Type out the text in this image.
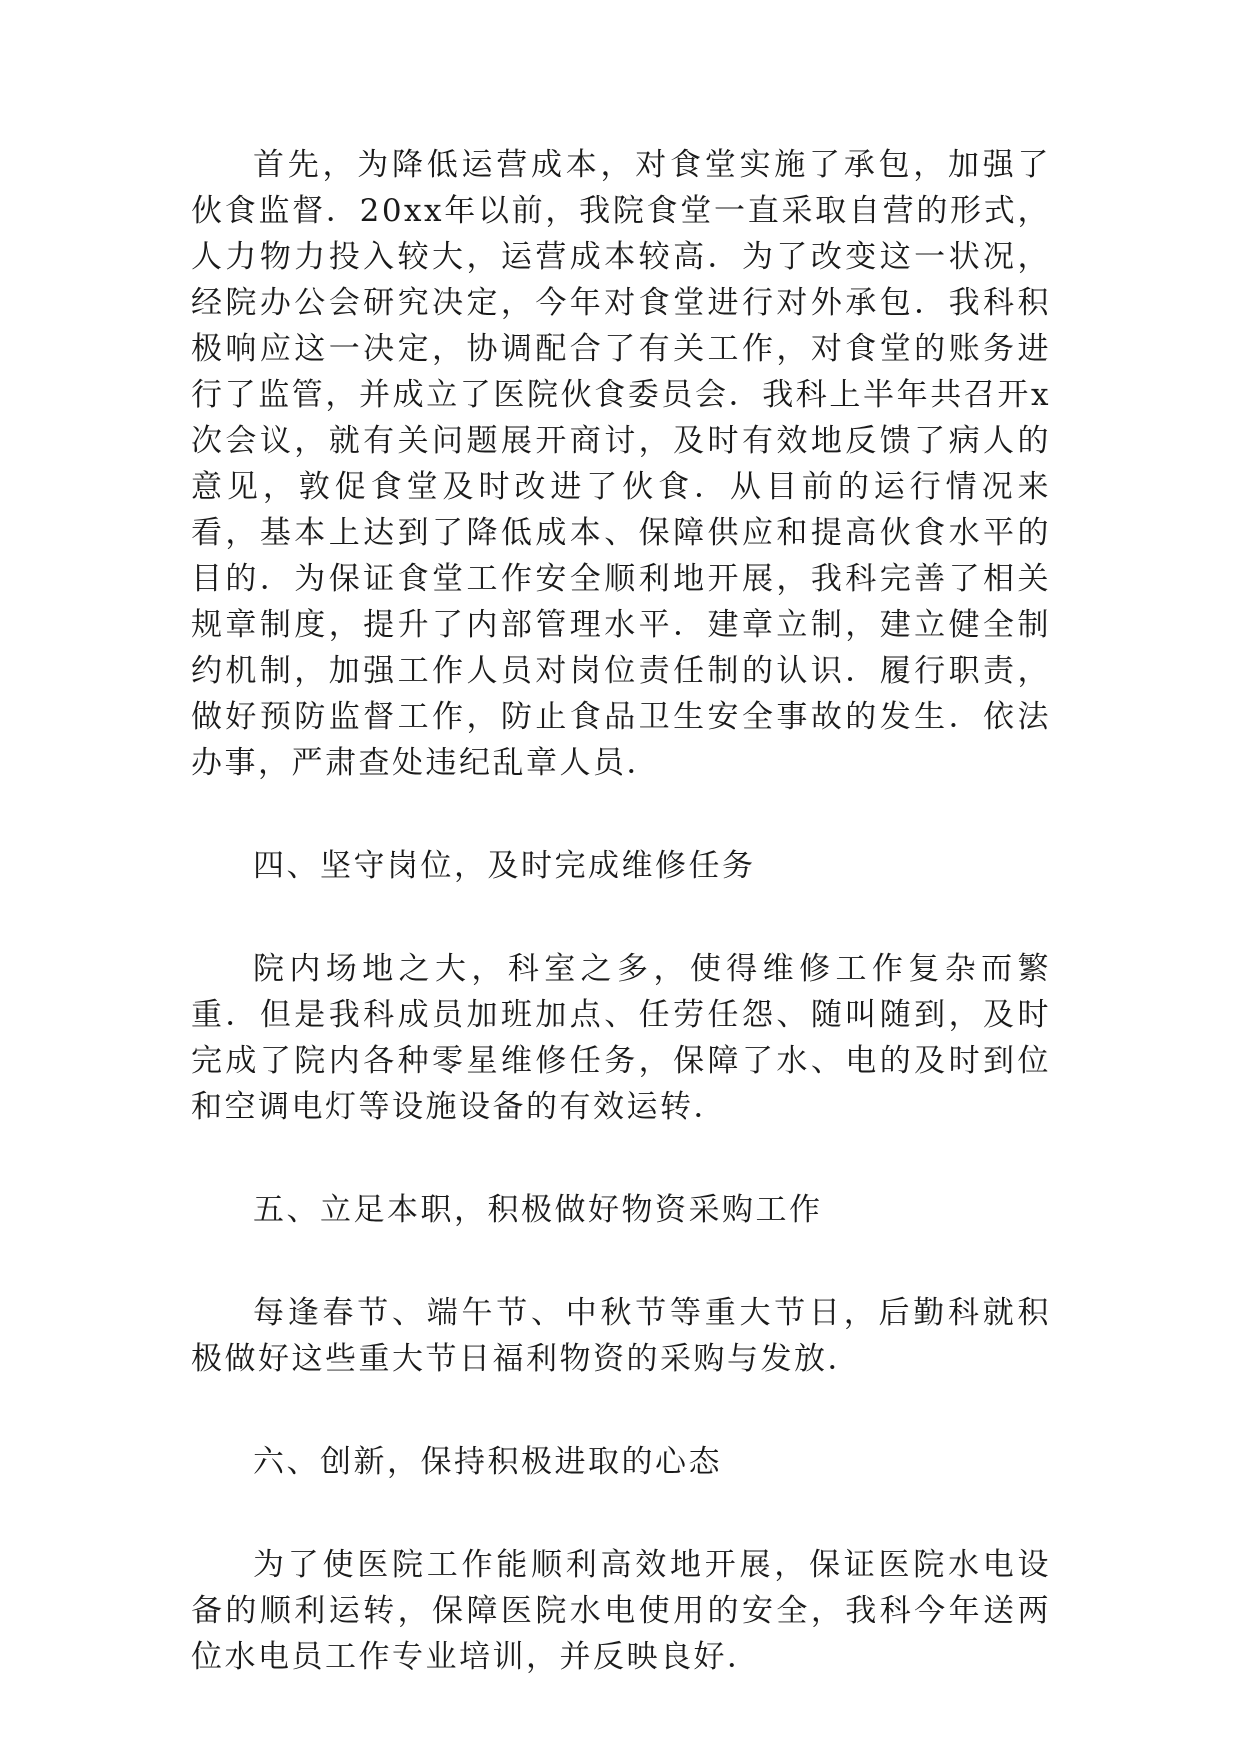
首先，为降低运营成本，对食堂实施了承包，加强了伙食监督．20xx年以前，我院食堂一直采取自营的形式，人力物力投入较大，运营成本较高．为了改变这一状况，经院办公会研究决定，今年对食堂进行对外承包．我科积极响应这一决定，协调配合了有关工作，对食堂的账务进行了监管，并成立了医院伙食委员会．我科上半年共召开x次会议，就有关问题展开商讨，及时有效地反馈了病人的意见，敦促食堂及时改进了伙食．从目前的运行情况来看，基本上达到了降低成本、保障供应和提高伙食水平的目的．为保证食堂工作安全顺利地开展，我科完善了相关规章制度，提升了内部管理水平．建章立制，建立健全制约机制，加强工作人员对岗位责任制的认识．履行职责，做好预防监督工作，防止食品卫生安全事故的发生．依法办事，严肃查处违纪乱章人员．

四、坚守岗位，及时完成维修任务

院内场地之大，科室之多，使得维修工作复杂而繁重．但是我科成员加班加点、任劳任怨、随叫随到，及时完成了院内各种零星维修任务，保障了水、电的及时到位和空调电灯等设施设备的有效运转．

五、立足本职，积极做好物资采购工作

每逢春节、端午节、中秋节等重大节日，后勤科就积极做好这些重大节日福利物资的采购与发放．

六、创新，保持积极进取的心态

为了使医院工作能顺利高效地开展，保证医院水电设备的顺利运转，保障医院水电使用的安全，我科今年送两位水电员工作专业培训，并反映良好．
